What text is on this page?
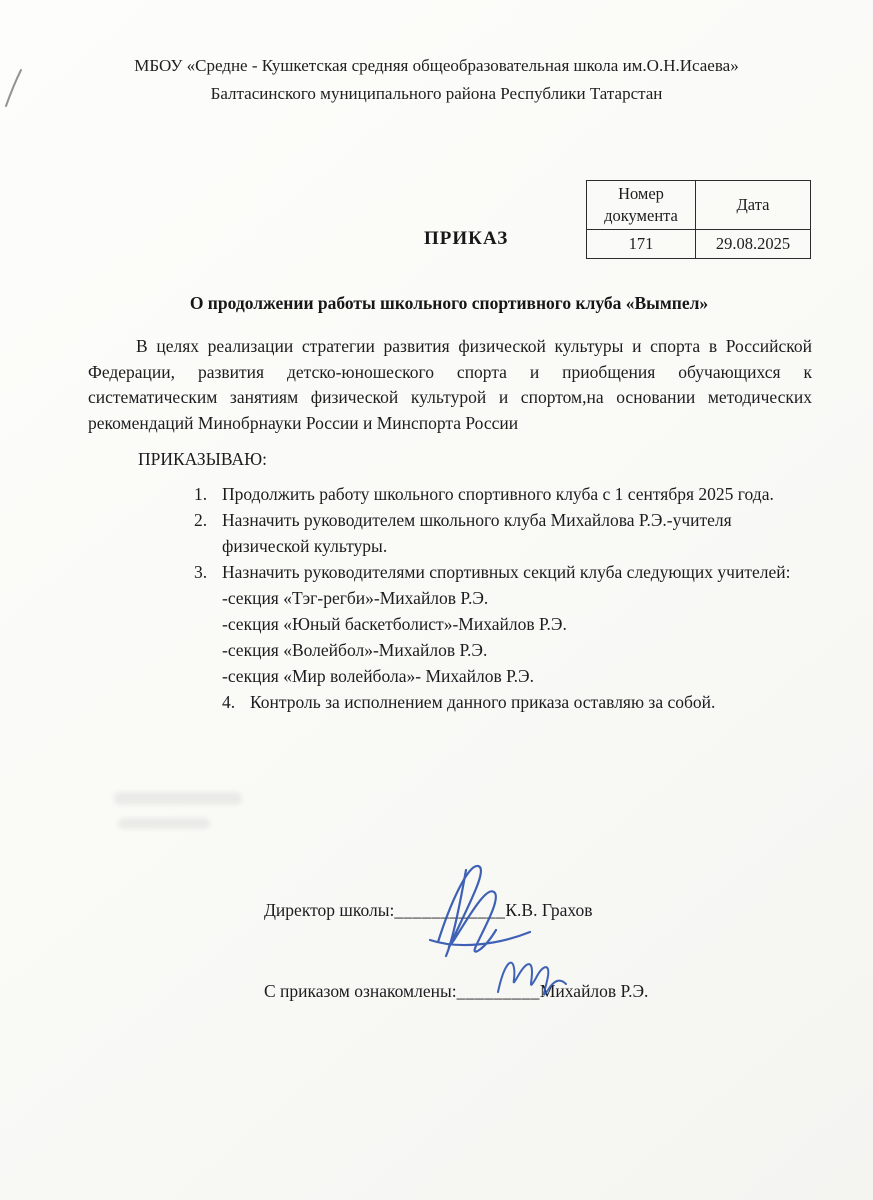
МБОУ «Средне - Кушкетская средняя общеобразовательная школа им.О.Н.Исаева»
Балтасинского муниципального района Республики Татарстан
ПРИКАЗ
Номер документа	Дата
171	29.08.2025
О продолжении работы школьного спортивного клуба «Вымпел»
В целях реализации стратегии развития физической культуры и спорта в Российской Федерации, развития детско-юношеского спорта и приобщения обучающихся к систематическим занятиям физической культурой и спортом,на основании методических рекомендаций Минобрнауки России и Минспорта России
ПРИКАЗЫВАЮ:
1. Продолжить работу школьного спортивного клуба с 1 сентября 2025 года.
2. Назначить руководителем школьного клуба Михайлова Р.Э.-учителя физической культуры.
3. Назначить руководителями спортивных секций клуба следующих учителей:
-секция «Тэг-регби»-Михайлов Р.Э.
-секция «Юный баскетболист»-Михайлов Р.Э.
-секция «Волейбол»-Михайлов Р.Э.
-секция «Мир волейбола»- Михайлов Р.Э.
4. Контроль за исполнением данного приказа оставляю за собой.
Директор школы:____________К.В. Грахов
С приказом ознакомлены:_________Михайлов Р.Э.
